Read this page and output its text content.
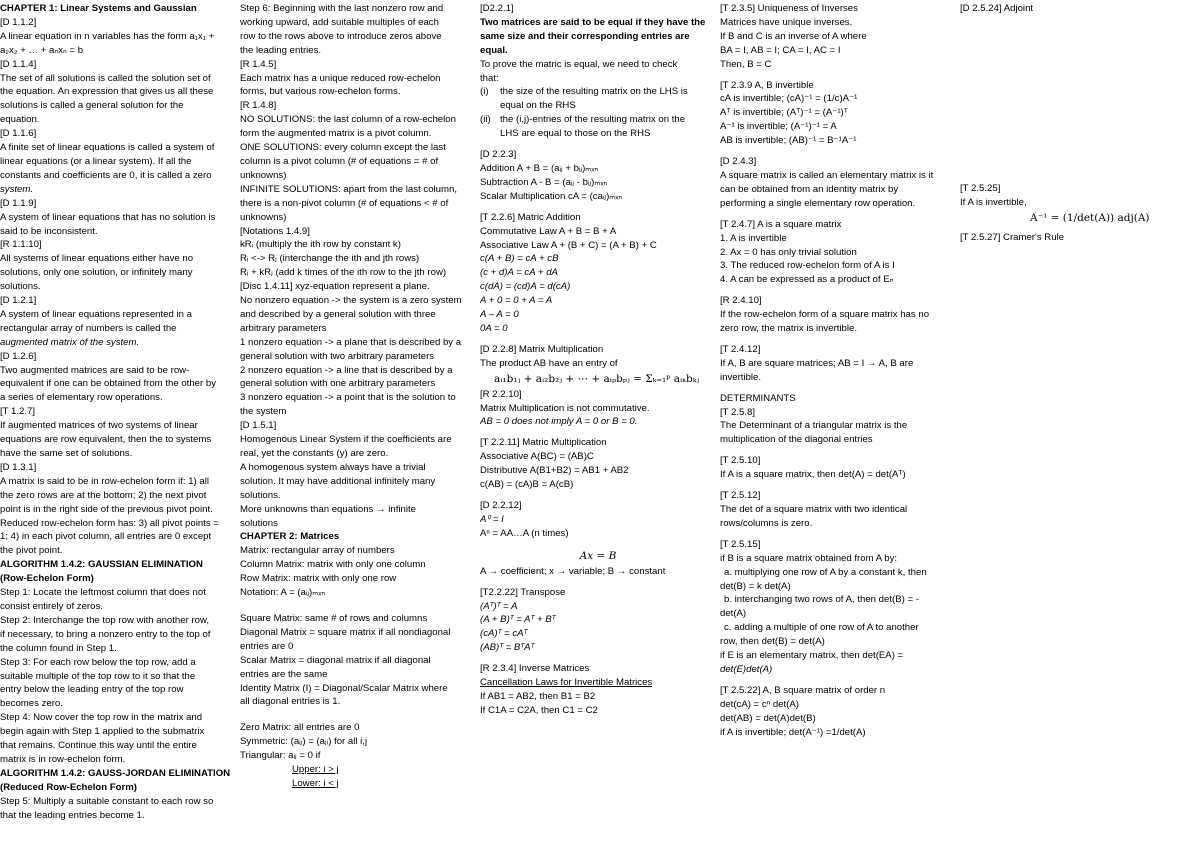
CHAPTER 1: Linear Systems and Gaussian
[D 1.1.2]
A linear equation in n variables has the form a₁x₁ +
a₂x₂ + … + aₙxₙ = b
[D 1.1.4]
The set of all solutions is called the solution set of
the equation. An expression that gives us all these
solutions is called a general solution for the
equation.
[D 1.1.6]
A finite set of linear equations is called a system of
linear equations (or a linear system). If all the
constants and coefficients are 0, it is called a zero
system.
[D 1.1.9]
A system of linear equations that has no solution is
said to be inconsistent.
[R 1.1.10]
All systems of linear equations either have no
solutions, only one solution, or infinitely many
solutions.
[D 1.2.1]
A system of linear equations represented in a
rectangular array of numbers is called the
augmented matrix of the system.
[D 1.2.6]
Two augmented matrices are said to be row-
equivalent if one can be obtained from the other by
a series of elementary row operations.
[T 1.2.7]
If augmented matrices of two systems of linear
equations are row equivalent, then the to systems
have the same set of solutions.
[D 1.3.1]
A matrix is said to be in row-echelon form if: 1) all
the zero rows are at the bottom; 2) the next pivot
point is in the right side of the previous pivot point.
Reduced row-echelon form has: 3) all pivot points =
1; 4) in each pivot column, all entries are 0 except
the pivot point.
ALGORITHM 1.4.2: GAUSSIAN ELIMINATION
(Row-Echelon Form)
Step 1: Locate the leftmost column that does not
consist entirely of zeros.
Step 2: Interchange the top row with another row,
if necessary, to bring a nonzero entry to the top of
the column found in Step 1.
Step 3: For each row below the top row, add a
suitable multiple of the top row to it so that the
entry below the leading entry of the top row
becomes zero.
Step 4: Now cover the top row in the matrix and
begin again with Step 1 applied to the submatrix
that remains. Continue this way until the entire
matrix is in row-echelon form.
ALGORITHM 1.4.2: GAUSS-JORDAN ELIMINATION
(Reduced Row-Echelon Form)
Step 5: Multiply a suitable constant to each row so
that the leading entries become 1.
Step 6: Beginning with the last nonzero row and
working upward, add suitable multiples of each
row to the rows above to introduce zeros above
the leading entries.
[R 1.4.5]
Each matrix has a unique reduced row-echelon
forms, but various row-echelon forms.
[R 1.4.8]
NO SOLUTIONS: the last column of a row-echelon
form the augmented matrix is a pivot column.
ONE SOLUTIONS: every column except the last
column is a pivot column (# of equations = # of
unknowns)
INFINITE SOLUTIONS: apart from the last column,
there is a non-pivot column (# of equations < # of
unknowns)
[Notations 1.4.9]
kRᵢ (multiply the ith row by constant k)
Rᵢ <-> Rⱼ (interchange the ith and jth rows)
Rᵢ + kRⱼ (add k times of the ith row to the jth row)
[Disc 1.4.11] xyz-equation represent a plane.
No nonzero equation -> the system is a zero system
and described by a general solution with three
arbitrary parameters
1 nonzero equation -> a plane that is described by a
general solution with two arbitrary parameters
2 nonzero equation -> a line that is described by a
general solution with one arbitrary parameters
3 nonzero equation -> a point that is the solution to
the system
[D 1.5.1]
Homogenous Linear System if the coefficients are
real, yet the constants (y) are zero.
A homogenous system always have a trivial
solution. It may have additional infinitely many
solutions.
More unknowns than equations → infinite
solutions
CHAPTER 2: Matrices
Matrix: rectangular array of numbers
Column Matrix: matrix with only one column
Row Matrix: matrix with only one row
Notation: A = (aᵢⱼ)ₘₓₙ
Square Matrix: same # of rows and columns
Diagonal Matrix = square matrix if all nondiagonal
entries are 0
Scalar Matrix = diagonal matrix if all diagonal
entries are the same
Identity Matrix (I) = Diagonal/Scalar Matrix where
all diagonal entries is 1.
Zero Matrix: all entries are 0
Symmetric: (aᵢⱼ) = (aⱼᵢ) for all i,j
Triangular: aᵢⱼ = 0 if
Upper: i > j
Lower: i < j
[D2.2.1]
Two matrices are said to be equal if they have the
same size and their corresponding entries are
equal.
To prove the matric is equal, we need to check
that:
(i) the size of the resulting matrix on the LHS is
equal on the RHS
(ii) the (i,j)-entries of the resulting matrix on the
LHS are equal to those on the RHS
[D 2.2.3]
Addition A + B = (aᵢⱼ + bᵢⱼ)ₘₓₙ
Subtraction A - B = (aᵢⱼ - bᵢⱼ)ₘₓₙ
Scalar Multiplication cA = (caᵢⱼ)ₘₓₙ
[T 2.2.6] Matric Addition
Commutative Law A + B = B + A
Associative Law A + (B + C) = (A + B) + C
c(A + B) = cA + cB
(c + d)A = cA + dA
c(dA) = (cd)A = d(cA)
A + 0 = 0 + A = A
A – A = 0
0A = 0
[D 2.2.8] Matrix Multiplication
The product AB have an entry of
aᵢ₁b₁ⱼ + aᵢ₂b₂ⱼ + ⋯ + aᵢₚbₚⱼ = Σₖ₌₁ᵖ aᵢₖbₖⱼ
[R 2.2.10]
Matrix Multiplication is not commutative.
AB = 0 does not imply A = 0 or B = 0.
[T 2.2.11] Matric Multiplication
Associative A(BC) = (AB)C
Distributive A(B1+B2) = AB1 + AB2
c(AB) = (cA)B = A(cB)
[D 2.2.12]
A⁰ = I
Aⁿ = AA…A (n times)
Ax = B
A → coefficient; x → variable; B → constant
[T2.2.22] Transpose
(Aᵀ)ᵀ = A
(A + B)ᵀ = Aᵀ + Bᵀ
(cA)ᵀ = cAᵀ
(AB)ᵀ = BᵀAᵀ
[R 2.3.4] Inverse Matrices
Cancellation Laws for Invertible Matrices
If AB1 = AB2, then B1 = B2
If C1A = C2A, then C1 = C2
[T 2.3.5] Uniqueness of Inverses
Matrices have unique inverses.
If B and C is an inverse of A where
BA = I, AB = I; CA = I, AC = I
Then, B = C
[T 2.3.9 A, B invertible
cA is invertible; (cA)⁻¹ = (1/c)A⁻¹
Aᵀ is invertible; (Aᵀ)⁻¹ = (A⁻¹)ᵀ
A⁻¹ is invertible; (A⁻¹)⁻¹ = A
AB is invertible; (AB)⁻¹ = B⁻¹A⁻¹
[D 2.4.3]
A square matrix is called an elementary matrix is it
can be obtained from an identity matrix by
performing a single elementary row operation.
[T 2.4.7] A is a square matrix
1. A is invertible
2. Ax = 0 has only trivial solution
3. The reduced row-echelon form of A is I
4. A can be expressed as a product of Eₙ
[R 2.4.10]
If the row-echelon form of a square matrix has no
zero row, the matrix is invertible.
[T 2.4.12]
If A, B are square matrices; AB = I → A, B are
invertible.
DETERMINANTS
[T 2.5.8]
The Determinant of a triangular matrix is the
multiplication of the diagonal entries
[T 2.5.10]
If A is a square matrix, then det(A) = det(Aᵀ)
[T 2.5.12]
The det of a square matrix with two identical
rows/columns is zero.
[T 2.5.15]
if B is a square matrix obtained from A by:
a. multiplying one row of A by a constant k, then
det(B) = k det(A)
b. interchanging two rows of A, then det(B) = -
det(A)
c. adding a multiple of one row of A to another
row, then det(B) = det(A)
if E is an elementary matrix, then det(EA) =
det(E)det(A)
[T 2.5.22] A, B square matrix of order n
det(cA) = cⁿ det(A)
det(AB) = det(A)det(B)
if A is invertible; det(A⁻¹) =1/det(A)
[D 2.5.24] Adjoint
[T 2.5.25]
If A is invertible,
A⁻¹ = (1/det(A)) adj(A)
[T 2.5.27] Cramer's Rule
